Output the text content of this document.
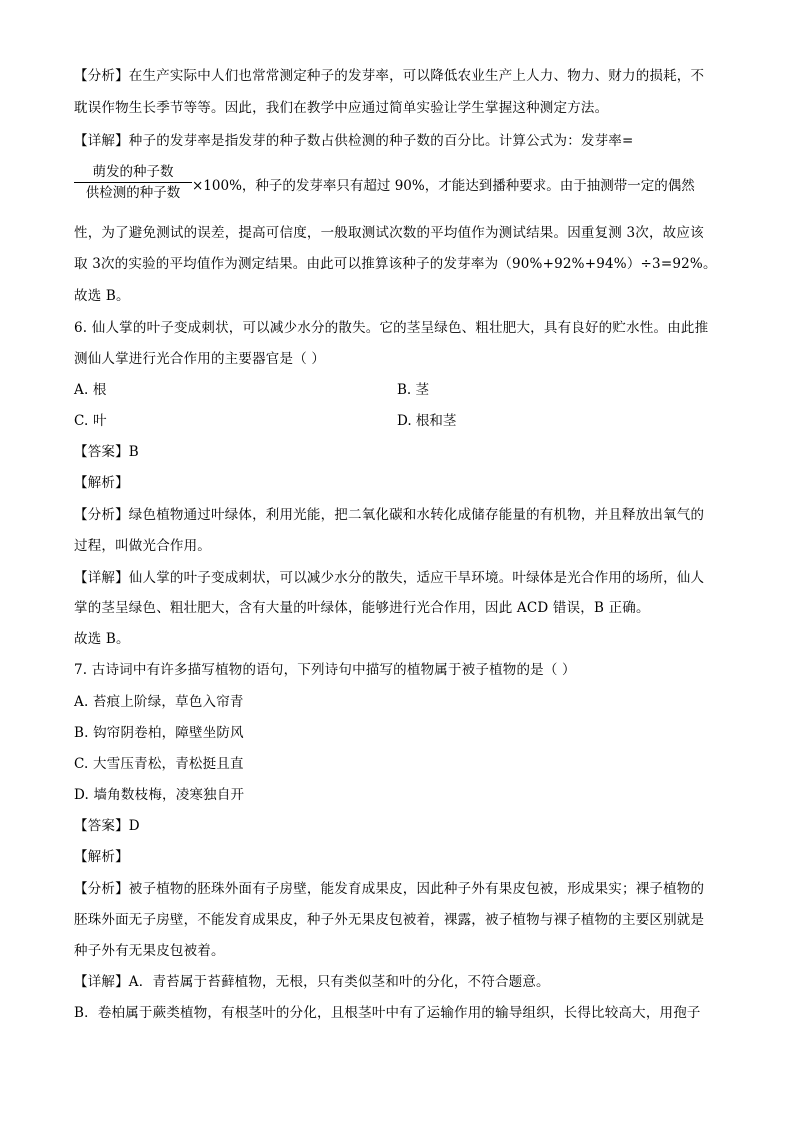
【分析】在生产实际中人们也常常测定种子的发芽率，可以降低农业生产上人力、物力、财力的损耗，不
耽误作物生长季节等等。因此，我们在教学中应通过简单实验让学生掌握这种测定方法。
【详解】种子的发芽率是指发芽的种子数占供检测的种子数的百分比。计算公式为：发芽率=
萌发的种子数
供检测的种子数 ×100%，种子的发芽率只有超过 90%，才能达到播种要求。由于抽测带一定的偶然
性，为了避免测试的误差，提高可信度，一般取测试次数的平均值作为测试结果。因重复测 3次，故应该
取 3次的实验的平均值作为测定结果。由此可以推算该种子的发芽率为（90%+92%+94%）÷3=92%。
故选 B。
6. 仙人掌的叶子变成刺状，可以减少水分的散失。它的茎呈绿色、粗壮肥大，具有良好的贮水性。由此推
测仙人掌进行光合作用的主要器官是（ ）
A. 根	B. 茎
C. 叶	D. 根和茎
【答案】B
【解析】
【分析】绿色植物通过叶绿体，利用光能，把二氧化碳和水转化成储存能量的有机物，并且释放出氧气的
过程，叫做光合作用。
【详解】仙人掌的叶子变成刺状，可以减少水分的散失，适应干旱环境。叶绿体是光合作用的场所，仙人
掌的茎呈绿色、粗壮肥大，含有大量的叶绿体，能够进行光合作用，因此 ACD 错误，B 正确。
故选 B。
7. 古诗词中有许多描写植物的语句，下列诗句中描写的植物属于被子植物的是（ ）
A. 苔痕上阶绿，草色入帘青
B. 钩帘阴卷柏，障壁坐防风
C. 大雪压青松，青松挺且直
D. 墙角数枝梅，凌寒独自开
【答案】D
【解析】
【分析】被子植物的胚珠外面有子房壁，能发育成果皮，因此种子外有果皮包被，形成果实；裸子植物的
胚珠外面无子房壁，不能发育成果皮，种子外无果皮包被着，裸露，被子植物与裸子植物的主要区别就是
种子外有无果皮包被着。
【详解】A．青苔属于苔藓植物，无根，只有类似茎和叶的分化，不符合题意。
B．卷柏属于蕨类植物，有根茎叶的分化，且根茎叶中有了运输作用的输导组织，长得比较高大，用孢子
